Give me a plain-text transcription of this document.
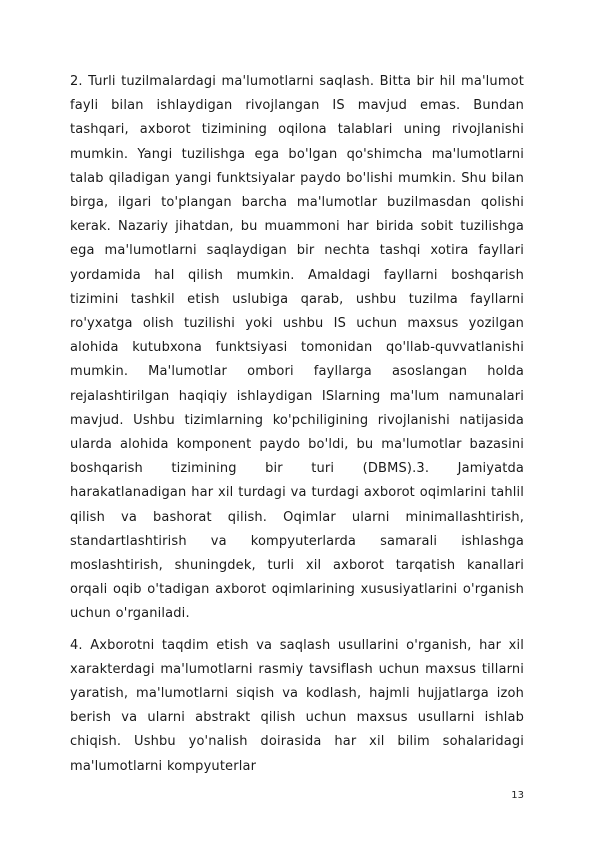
2. Turli tuzilmalardagi ma'lumotlarni saqlash. Bitta bir hil ma'lumot fayli bilan ishlaydigan rivojlangan IS mavjud emas. Bundan tashqari, axborot tizimining oqilona talablari uning rivojlanishi mumkin. Yangi tuzilishga ega bo'lgan qo'shimcha ma'lumotlarni talab qiladigan yangi funktsiyalar paydo bo'lishi mumkin. Shu bilan birga, ilgari to'plangan barcha ma'lumotlar buzilmasdan qolishi kerak. Nazariy jihatdan, bu muammoni har birida sobit tuzilishga ega ma'lumotlarni saqlaydigan bir nechta tashqi xotira fayllari yordamida hal qilish mumkin. Amaldagi fayllarni boshqarish tizimini tashkil etish uslubiga qarab, ushbu tuzilma fayllarni ro'yxatga olish tuzilishi yoki ushbu IS uchun maxsus yozilgan alohida kutubxona funktsiyasi tomonidan qo'llab-quvvatlanishi mumkin. Ma'lumotlar ombori fayllarga asoslangan holda rejalashtirilgan haqiqiy ishlaydigan ISlarning ma'lum namunalari mavjud. Ushbu tizimlarning ko'pchiligining rivojlanishi natijasida ularda alohida komponent paydo bo'ldi, bu ma'lumotlar bazasini boshqarish tizimining bir turi (DBMS).3. Jamiyatda harakatlanadigan har xil turdagi va turdagi axborot oqimlarini tahlil qilish va bashorat qilish. Oqimlar ularni minimallashtirish, standartlashtirish va kompyuterlarda samarali ishlashga moslashtirish, shuningdek, turli xil axborot tarqatish kanallari orqali oqib o'tadigan axborot oqimlarining xususiyatlarini o'rganish uchun o'rganiladi.

4. Axborotni taqdim etish va saqlash usullarini o'rganish, har xil xarakterdagi ma'lumotlarni rasmiy tavsiflash uchun maxsus tillarni yaratish, ma'lumotlarni siqish va kodlash, hajmli hujjatlarga izoh berish va ularni abstrakt qilish uchun maxsus usullarni ishlab chiqish. Ushbu yo'nalish doirasida har xil bilim sohalaridagi ma'lumotlarni kompyuterlar

13
